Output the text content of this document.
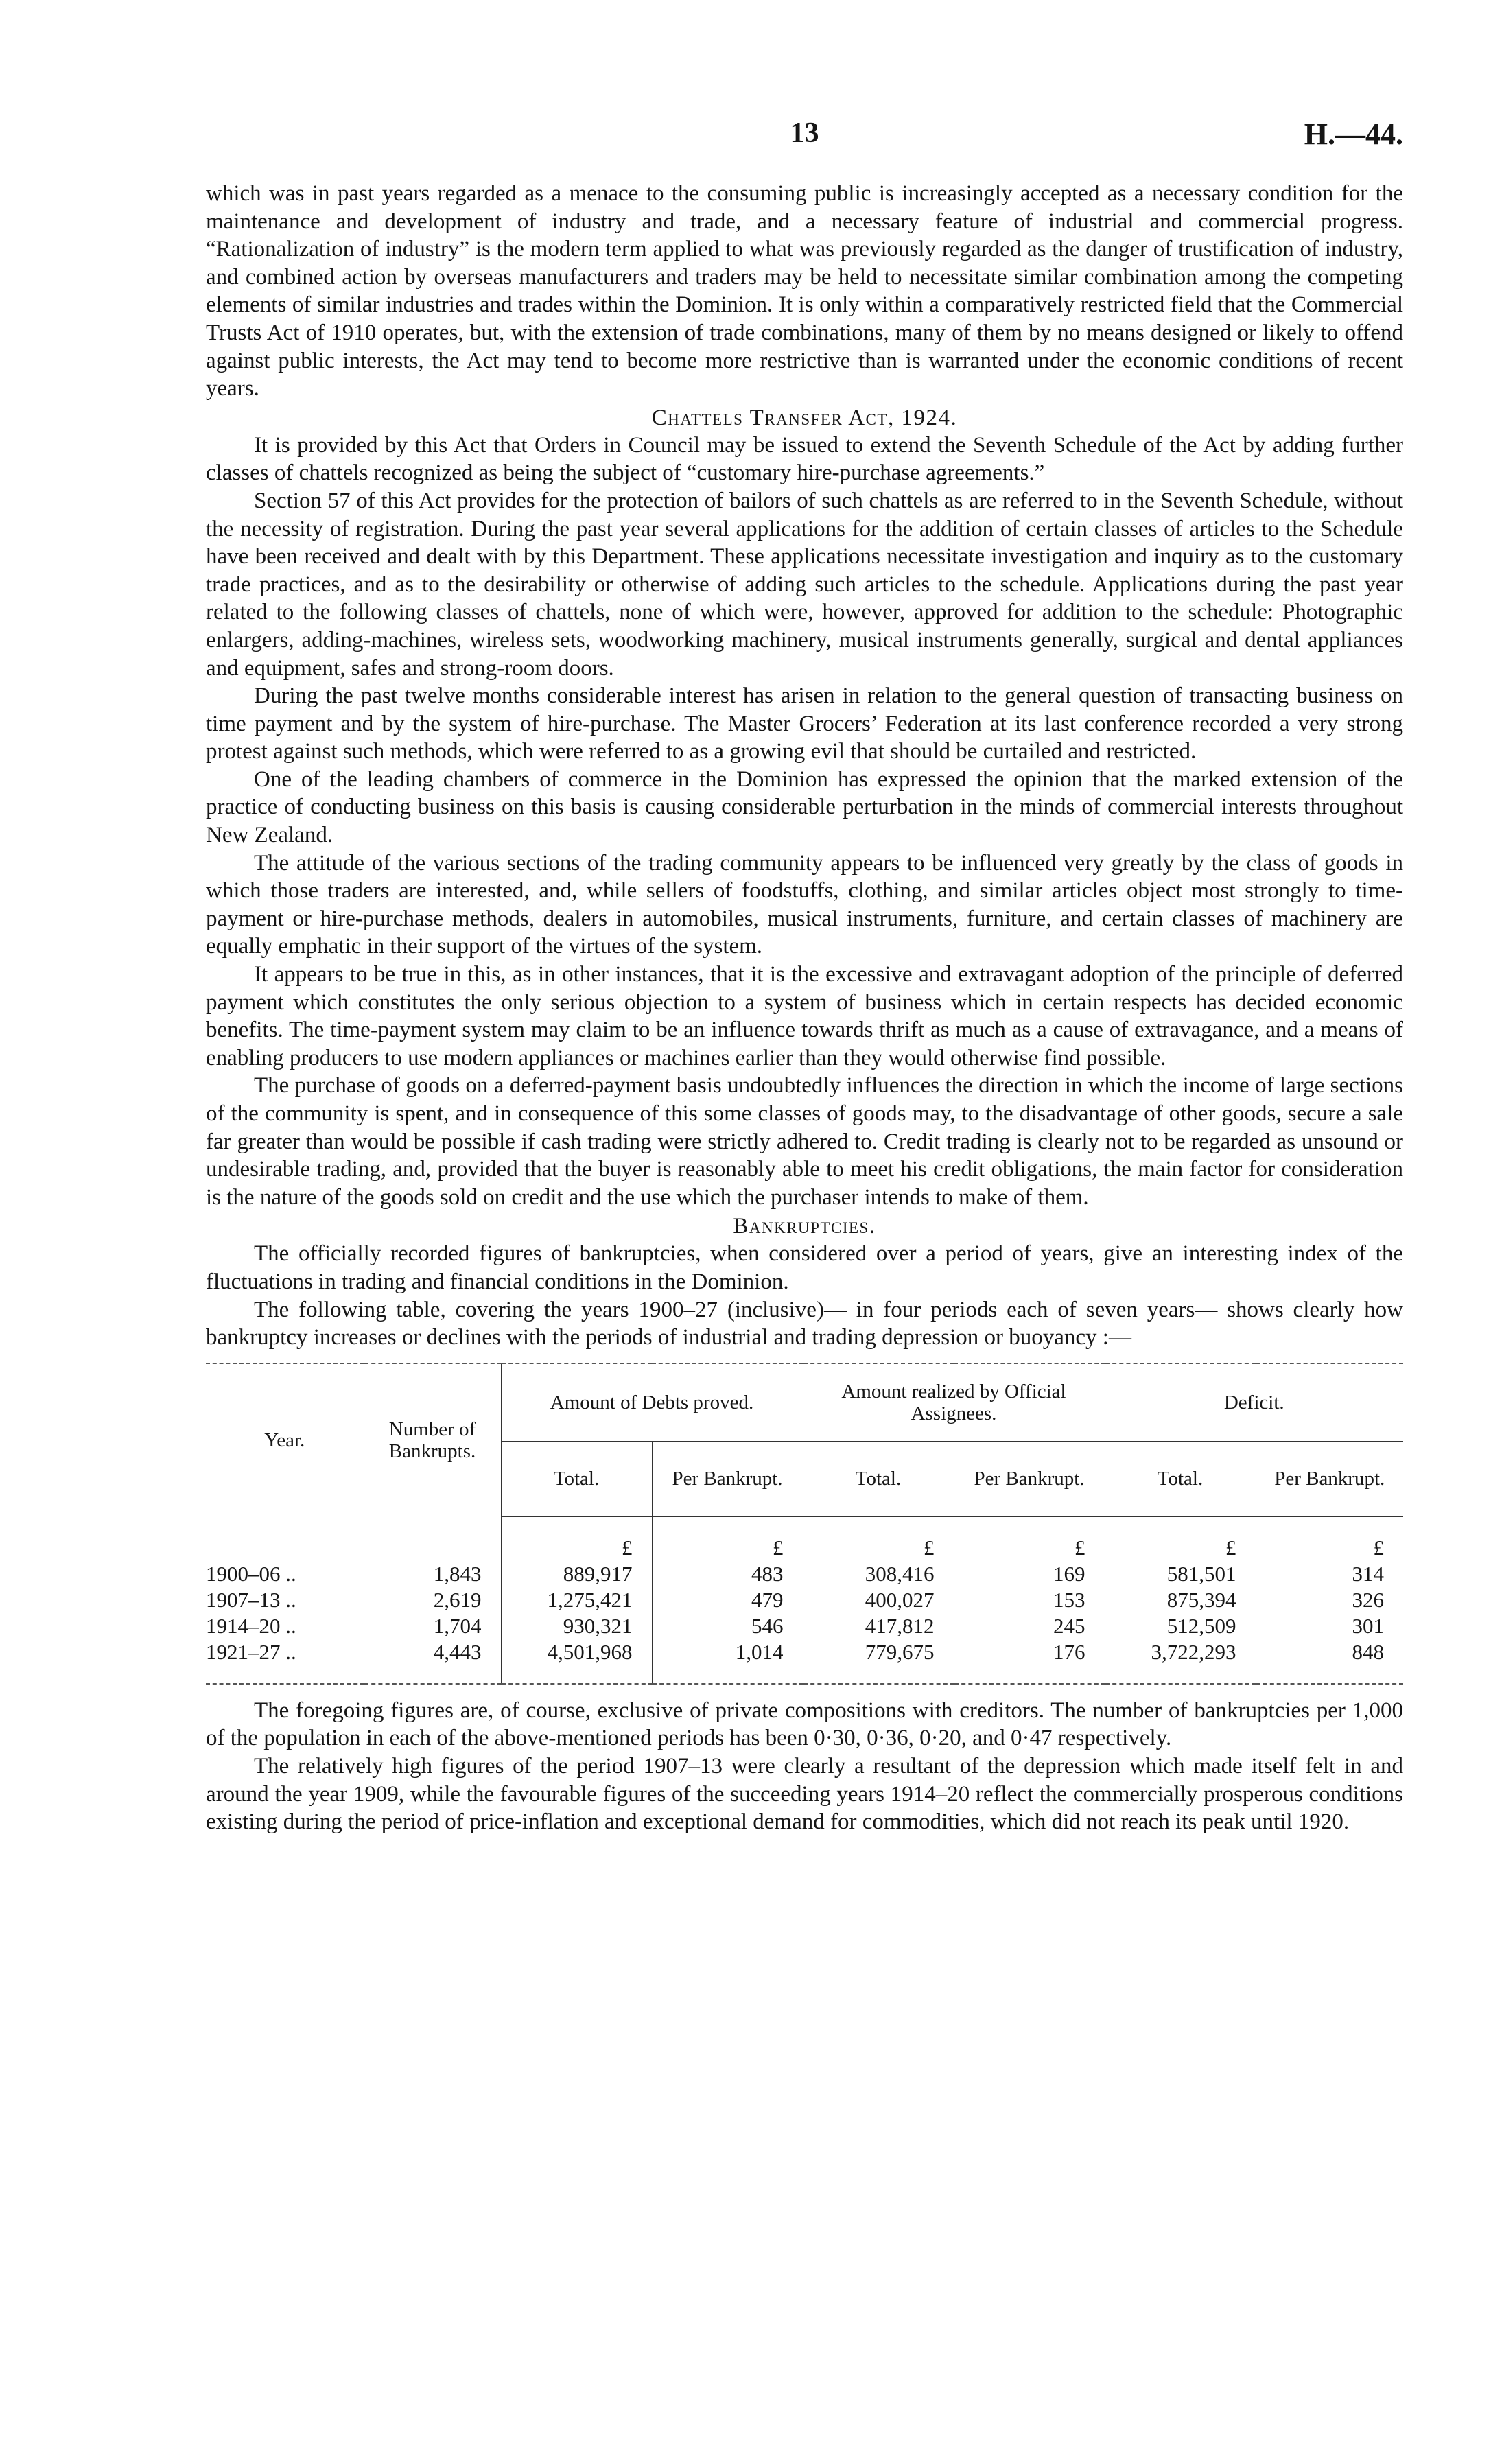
13	H.—44.

which was in past years regarded as a menace to the consuming public is increasingly accepted as a necessary condition for the maintenance and development of industry and trade, and a necessary feature of industrial and commercial progress. “Rationalization of industry” is the modern term applied to what was previously regarded as the danger of trustification of industry, and combined action by overseas manufacturers and traders may be held to necessitate similar combination among the competing elements of similar industries and trades within the Dominion. It is only within a comparatively restricted field that the Commercial Trusts Act of 1910 operates, but, with the extension of trade combinations, many of them by no means designed or likely to offend against public interests, the Act may tend to become more restrictive than is warranted under the economic conditions of recent years.

Chattels Transfer Act, 1924.

It is provided by this Act that Orders in Council may be issued to extend the Seventh Schedule of the Act by adding further classes of chattels recognized as being the subject of “customary hire-purchase agreements.”

Section 57 of this Act provides for the protection of bailors of such chattels as are referred to in the Seventh Schedule, without the necessity of registration. During the past year several applications for the addition of certain classes of articles to the Schedule have been received and dealt with by this Department. These applications necessitate investigation and inquiry as to the customary trade practices, and as to the desirability or otherwise of adding such articles to the schedule. Applications during the past year related to the following classes of chattels, none of which were, however, approved for addition to the schedule: Photographic enlargers, adding-machines, wireless sets, woodworking machinery, musical instruments generally, surgical and dental appliances and equipment, safes and strong-room doors.

During the past twelve months considerable interest has arisen in relation to the general question of transacting business on time payment and by the system of hire-purchase. The Master Grocers’ Federation at its last conference recorded a very strong protest against such methods, which were referred to as a growing evil that should be curtailed and restricted.

One of the leading chambers of commerce in the Dominion has expressed the opinion that the marked extension of the practice of conducting business on this basis is causing considerable perturbation in the minds of commercial interests throughout New Zealand.

The attitude of the various sections of the trading community appears to be influenced very greatly by the class of goods in which those traders are interested, and, while sellers of foodstuffs, clothing, and similar articles object most strongly to time-payment or hire-purchase methods, dealers in automobiles, musical instruments, furniture, and certain classes of machinery are equally emphatic in their support of the virtues of the system.

It appears to be true in this, as in other instances, that it is the excessive and extravagant adoption of the principle of deferred payment which constitutes the only serious objection to a system of business which in certain respects has decided economic benefits. The time-payment system may claim to be an influence towards thrift as much as a cause of extravagance, and a means of enabling producers to use modern appliances or machines earlier than they would otherwise find possible.

The purchase of goods on a deferred-payment basis undoubtedly influences the direction in which the income of large sections of the community is spent, and in consequence of this some classes of goods may, to the disadvantage of other goods, secure a sale far greater than would be possible if cash trading were strictly adhered to. Credit trading is clearly not to be regarded as unsound or undesirable trading, and, provided that the buyer is reasonably able to meet his credit obligations, the main factor for consideration is the nature of the goods sold on credit and the use which the purchaser intends to make of them.

Bankruptcies.

The officially recorded figures of bankruptcies, when considered over a period of years, give an interesting index of the fluctuations in trading and financial conditions in the Dominion.

The following table, covering the years 1900–27 (inclusive)— in four periods each of seven years— shows clearly how bankruptcy increases or declines with the periods of industrial and trading depression or buoyancy :—

Year.	Number of Bankrupts.	Amount of Debts proved.		Amount realized by Official Assignees.		Deficit.	
		Total.	Per Bankrupt.	Total.	Per Bankrupt.	Total.	Per Bankrupt.
		£	£	£	£	£	£
1900–06 ..	1,843	889,917	483	308,416	169	581,501	314
1907–13 ..	2,619	1,275,421	479	400,027	153	875,394	326
1914–20 ..	1,704	930,321	546	417,812	245	512,509	301
1921–27 ..	4,443	4,501,968	1,014	779,675	176	3,722,293	848

The foregoing figures are, of course, exclusive of private compositions with creditors. The number of bankruptcies per 1,000 of the population in each of the above-mentioned periods has been 0·30, 0·36, 0·20, and 0·47 respectively.

The relatively high figures of the period 1907–13 were clearly a resultant of the depression which made itself felt in and around the year 1909, while the favourable figures of the succeeding years 1914–20 reflect the commercially prosperous conditions existing during the period of price-inflation and exceptional demand for commodities, which did not reach its peak until 1920.
